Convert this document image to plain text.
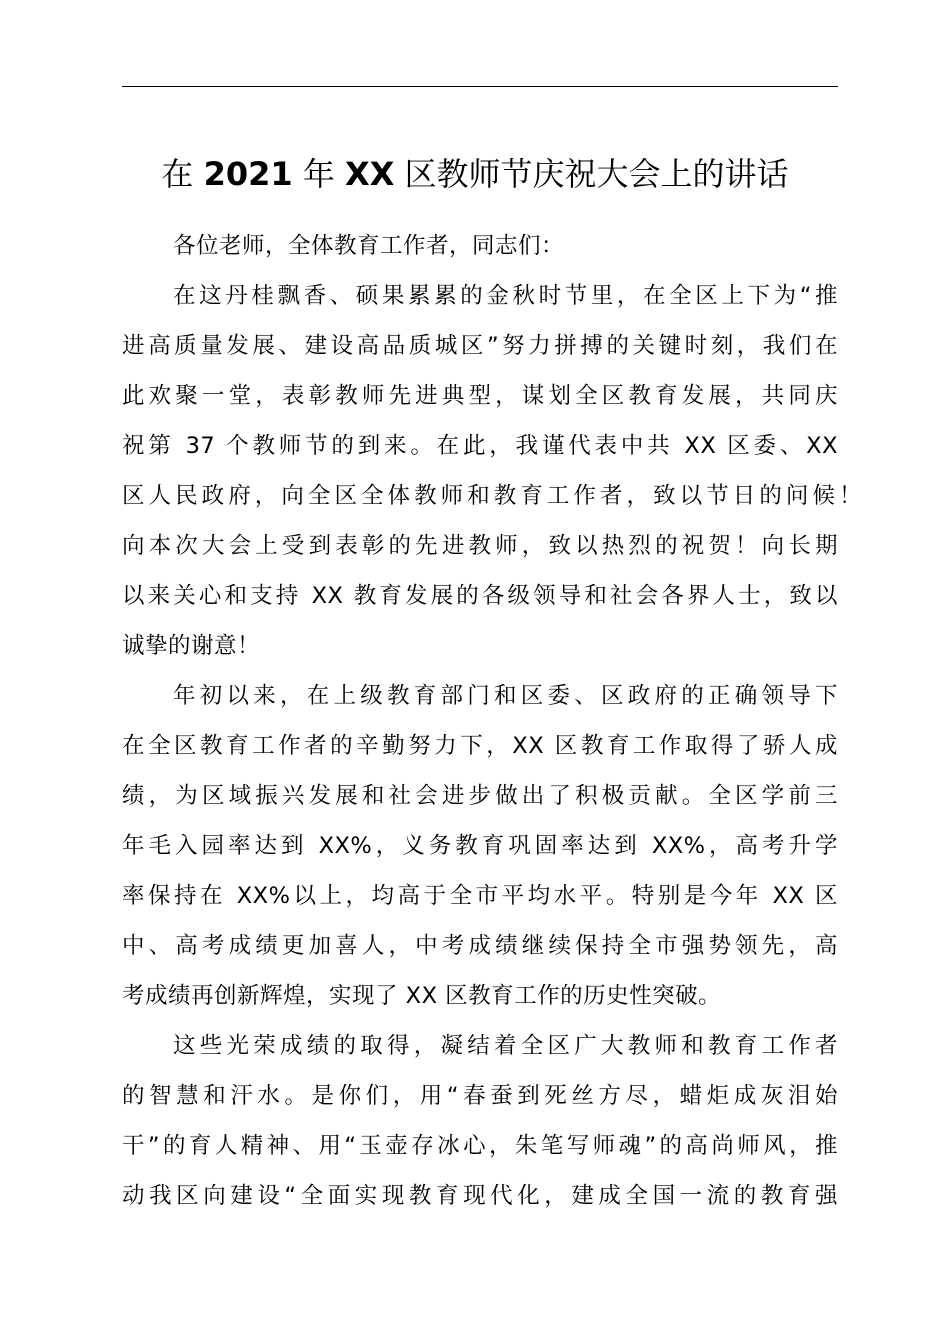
在 2021 年 XX 区教师节庆祝大会上的讲话
各位老师，全体教育工作者，同志们：
在这丹桂飘香、硕果累累的金秋时节里，在全区上下为“推
进高质量发展、建设高品质城区”努力拼搏的关键时刻，我们在
此欢聚一堂，表彰教师先进典型，谋划全区教育发展，共同庆
祝第 37 个教师节的到来。在此，我谨代表中共 XX 区委、XX
区人民政府，向全区全体教师和教育工作者，致以节日的问候！
向本次大会上受到表彰的先进教师，致以热烈的祝贺！向长期
以来关心和支持 XX 教育发展的各级领导和社会各界人士，致以
诚挚的谢意！
年初以来，在上级教育部门和区委、区政府的正确领导下
在全区教育工作者的辛勤努力下，XX 区教育工作取得了骄人成
绩，为区域振兴发展和社会进步做出了积极贡献。全区学前三
年毛入园率达到 XX%，义务教育巩固率达到 XX%，高考升学
率保持在 XX%以上，均高于全市平均水平。特别是今年 XX 区
中、高考成绩更加喜人，中考成绩继续保持全市强势领先，高
考成绩再创新辉煌，实现了 XX 区教育工作的历史性突破。
这些光荣成绩的取得，凝结着全区广大教师和教育工作者
的智慧和汗水。是你们，用“春蚕到死丝方尽，蜡炬成灰泪始
干”的育人精神、用“玉壶存冰心，朱笔写师魂”的高尚师风，推
动我区向建设“全面实现教育现代化，建成全国一流的教育强
